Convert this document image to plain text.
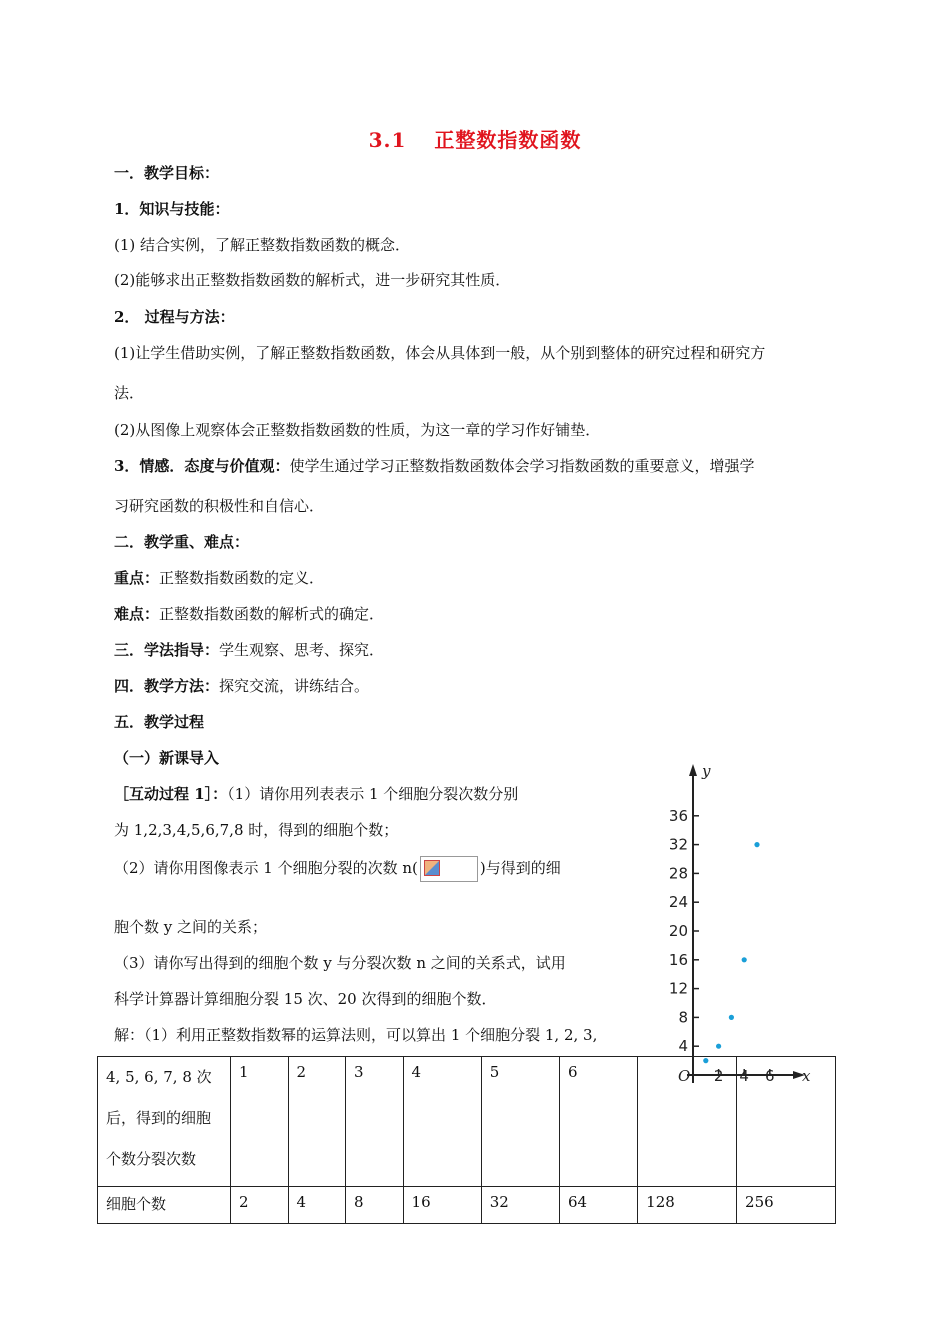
3.1 正整数指数函数
一．教学目标：
1．知识与技能：
(1) 结合实例，了解正整数指数函数的概念．
(2)能够求出正整数指数函数的解析式，进一步研究其性质．
2． 过程与方法：
(1)让学生借助实例，了解正整数指数函数，体会从具体到一般，从个别到整体的研究过程和研究方
法．
(2)从图像上观察体会正整数指数函数的性质，为这一章的学习作好铺垫．
3．情感．态度与价值观：使学生通过学习正整数指数函数体会学习指数函数的重要意义，增强学
习研究函数的积极性和自信心．
二．教学重、难点：
重点：正整数指数函数的定义．
难点：正整数指数函数的解析式的确定．
三．学法指导：学生观察、思考、探究．
四．教学方法：探究交流，讲练结合。
五．教学过程
（一）新课导入
［互动过程 1］：（1）请你用列表表示 1 个细胞分裂次数分别
为 1,2,3,4,5,6,7,8 时，得到的细胞个数；
（2）请你用图像表示 1 个细胞分裂的次数 n(	)与得到的细
胞个数 y 之间的关系；
（3）请你写出得到的细胞个数 y 与分裂次数 n 之间的关系式，试用
科学计算器计算细胞分裂 15 次、20 次得到的细胞个数．
解：（1）利用正整数指数幂的运算法则，可以算出 1 个细胞分裂 1, 2, 3,
4, 5, 6, 7, 8 次
后，得到的细胞
个数分裂次数	1	2	3	4	5	6		
细胞个数	2	4	8	16	32	64	128	256
y
x
O
4
8
12
16
20
24
28
32
36
2 4 6
